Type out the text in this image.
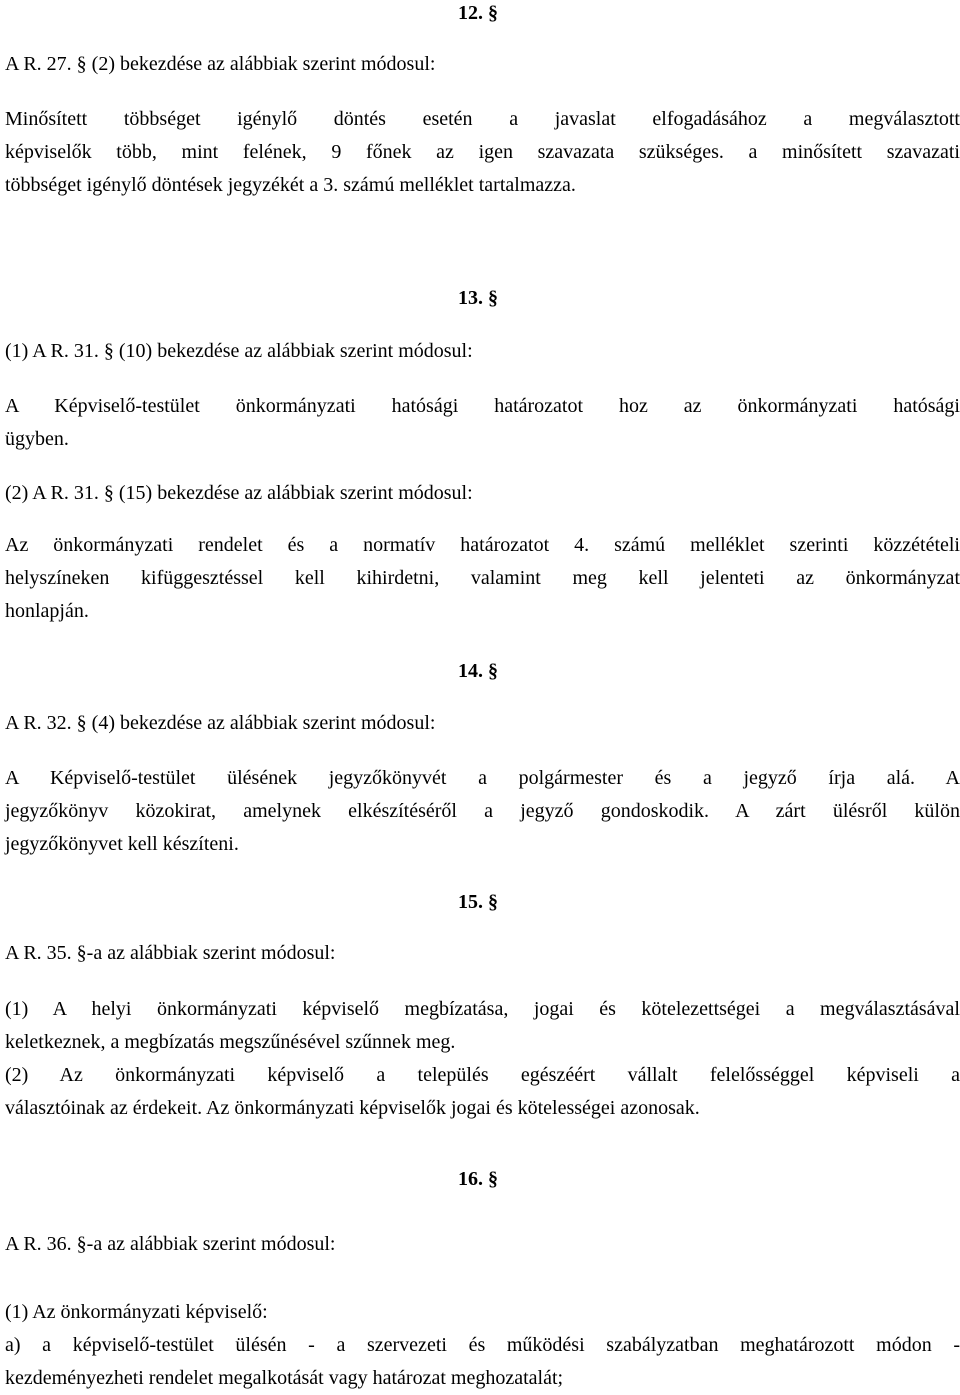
12. §
A R. 27. § (2) bekezdése az alábbiak szerint módosul:
Minősített többséget igénylő döntés esetén a javaslat elfogadásához a megválasztott
képviselők több, mint felének, 9 főnek az igen szavazata szükséges. a minősített szavazati
többséget igénylő döntések jegyzékét a 3. számú melléklet tartalmazza.
13. §
(1) A R. 31. § (10) bekezdése az alábbiak szerint módosul:
A Képviselő-testület önkormányzati hatósági határozatot hoz az önkormányzati hatósági
ügyben.
(2) A R. 31. § (15) bekezdése az alábbiak szerint módosul:
Az önkormányzati rendelet és a normatív határozatot 4. számú melléklet szerinti közzétételi
helyszíneken kifüggesztéssel kell kihirdetni, valamint meg kell jelenteti az önkormányzat
honlapján.
14. §
A R. 32. § (4) bekezdése az alábbiak szerint módosul:
A Képviselő-testület ülésének jegyzőkönyvét a polgármester és a jegyző írja alá. A
jegyzőkönyv közokirat, amelynek elkészítéséről a jegyző gondoskodik. A zárt ülésről külön
jegyzőkönyvet kell készíteni.
15. §
A R. 35. §-a az alábbiak szerint módosul:
(1) A helyi önkormányzati képviselő megbízatása, jogai és kötelezettségei a megválasztásával
keletkeznek, a megbízatás megszűnésével szűnnek meg.
(2) Az önkormányzati képviselő a település egészéért vállalt felelősséggel képviseli a
választóinak az érdekeit. Az önkormányzati képviselők jogai és kötelességei azonosak.
16. §
A R. 36. §-a az alábbiak szerint módosul:
(1) Az önkormányzati képviselő:
a) a képviselő-testület ülésén - a szervezeti és működési szabályzatban meghatározott módon -
kezdeményezheti rendelet megalkotását vagy határozat meghozatalát;
